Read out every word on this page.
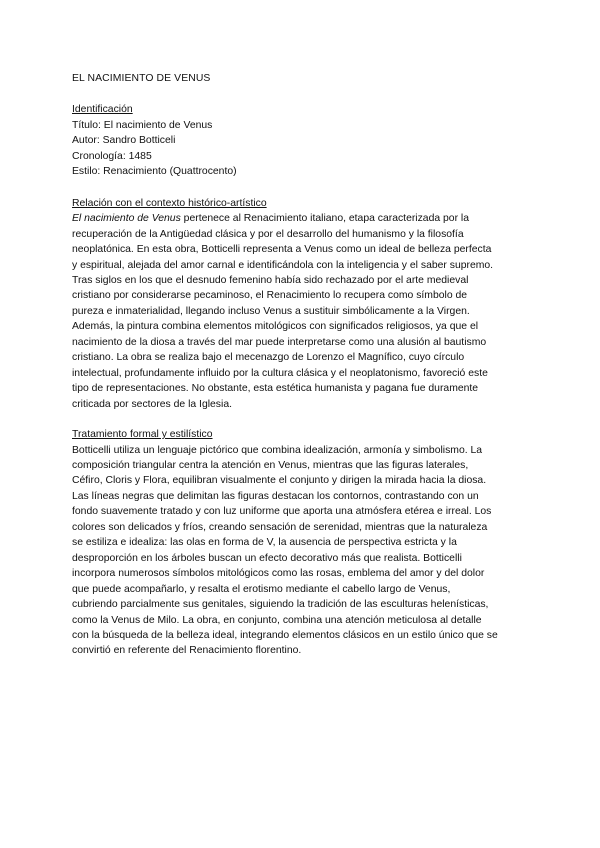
EL NACIMIENTO DE VENUS
Identificación
Título: El nacimiento de Venus
Autor: Sandro Botticeli
Cronología: 1485
Estilo: Renacimiento (Quattrocento)
Relación con el contexto histórico-artístico
El nacimiento de Venus pertenece al Renacimiento italiano, etapa caracterizada por la
recuperación de la Antigüedad clásica y por el desarrollo del humanismo y la filosofía
neoplatónica. En esta obra, Botticelli representa a Venus como un ideal de belleza perfecta
y espiritual, alejada del amor carnal e identificándola con la inteligencia y el saber supremo.
Tras siglos en los que el desnudo femenino había sido rechazado por el arte medieval
cristiano por considerarse pecaminoso, el Renacimiento lo recupera como símbolo de
pureza e inmaterialidad, llegando incluso Venus a sustituir simbólicamente a la Virgen.
Además, la pintura combina elementos mitológicos con significados religiosos, ya que el
nacimiento de la diosa a través del mar puede interpretarse como una alusión al bautismo
cristiano. La obra se realiza bajo el mecenazgo de Lorenzo el Magnífico, cuyo círculo
intelectual, profundamente influido por la cultura clásica y el neoplatonismo, favoreció este
tipo de representaciones. No obstante, esta estética humanista y pagana fue duramente
criticada por sectores de la Iglesia.
Tratamiento formal y estilístico
Botticelli utiliza un lenguaje pictórico que combina idealización, armonía y simbolismo. La
composición triangular centra la atención en Venus, mientras que las figuras laterales,
Céfiro, Cloris y Flora, equilibran visualmente el conjunto y dirigen la mirada hacia la diosa.
Las líneas negras que delimitan las figuras destacan los contornos, contrastando con un
fondo suavemente tratado y con luz uniforme que aporta una atmósfera etérea e irreal. Los
colores son delicados y fríos, creando sensación de serenidad, mientras que la naturaleza
se estiliza e idealiza: las olas en forma de V, la ausencia de perspectiva estricta y la
desproporción en los árboles buscan un efecto decorativo más que realista. Botticelli
incorpora numerosos símbolos mitológicos como las rosas, emblema del amor y del dolor
que puede acompañarlo, y resalta el erotismo mediante el cabello largo de Venus,
cubriendo parcialmente sus genitales, siguiendo la tradición de las esculturas helenísticas,
como la Venus de Milo. La obra, en conjunto, combina una atención meticulosa al detalle
con la búsqueda de la belleza ideal, integrando elementos clásicos en un estilo único que se
convirtió en referente del Renacimiento florentino.
